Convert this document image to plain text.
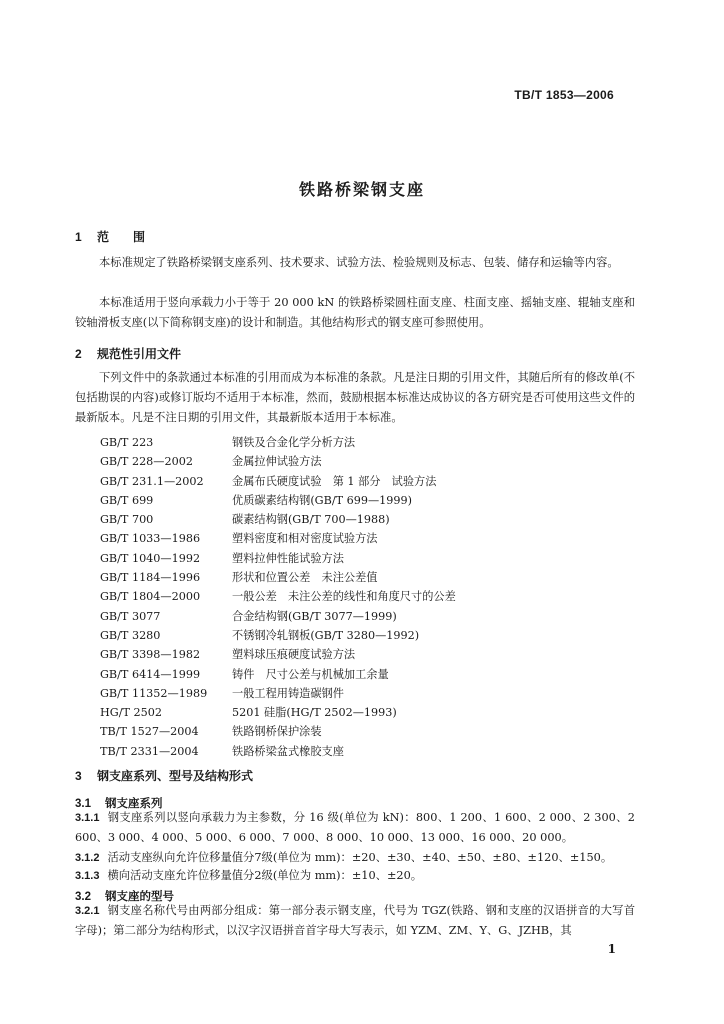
TB/T 1853—2006
铁路桥梁钢支座
1 范　　围
本标准规定了铁路桥梁钢支座系列、技术要求、试验方法、检验规则及标志、包装、储存和运输等内容。
本标准适用于竖向承载力小于等于 20 000 kN 的铁路桥梁圆柱面支座、柱面支座、摇轴支座、辊轴支座和铰轴滑板支座(以下简称钢支座)的设计和制造。其他结构形式的钢支座可参照使用。
2 规范性引用文件
下列文件中的条款通过本标准的引用而成为本标准的条款。凡是注日期的引用文件，其随后所有的修改单(不包括勘误的内容)或修订版均不适用于本标准，然而，鼓励根据本标准达成协议的各方研究是否可使用这些文件的最新版本。凡是不注日期的引用文件，其最新版本适用于本标准。
GB/T 223	钢铁及合金化学分析方法
GB/T 228—2002	金属拉伸试验方法
GB/T 231.1—2002	金属布氏硬度试验　第 1 部分　试验方法
GB/T 699	优质碳素结构钢(GB/T 699—1999)
GB/T 700	碳素结构钢(GB/T 700—1988)
GB/T 1033—1986	塑料密度和相对密度试验方法
GB/T 1040—1992	塑料拉伸性能试验方法
GB/T 1184—1996	形状和位置公差　未注公差值
GB/T 1804—2000	一般公差　未注公差的线性和角度尺寸的公差
GB/T 3077	合金结构钢(GB/T 3077—1999)
GB/T 3280	不锈钢冷轧钢板(GB/T 3280—1992)
GB/T 3398—1982	塑料球压痕硬度试验方法
GB/T 6414—1999	铸件　尺寸公差与机械加工余量
GB/T 11352—1989 一般工程用铸造碳钢件
HG/T 2502	5201 硅脂(HG/T 2502—1993)
TB/T 1527—2004	铁路钢桥保护涂装
TB/T 2331—2004	铁路桥梁盆式橡胶支座
3 钢支座系列、型号及结构形式
3.1 钢支座系列
3.1.1 钢支座系列以竖向承载力为主参数，分 16 级(单位为 kN)：800、1 200、1 600、2 000、2 300、2 600、3 000、4 000、5 000、6 000、7 000、8 000、10 000、13 000、16 000、20 000。
3.1.2 活动支座纵向允许位移量值分7级(单位为 mm)：±20、±30、±40、±50、±80、±120、±150。
3.1.3 横向活动支座允许位移量值分2级(单位为 mm)：±10、±20。
3.2 钢支座的型号
3.2.1 钢支座名称代号由两部分组成：第一部分表示钢支座，代号为 TGZ(铁路、钢和支座的汉语拼音的大写首字母)；第二部分为结构形式，以汉字汉语拼音首字母大写表示，如 YZM、ZM、Y、G、JZHB，其
1
